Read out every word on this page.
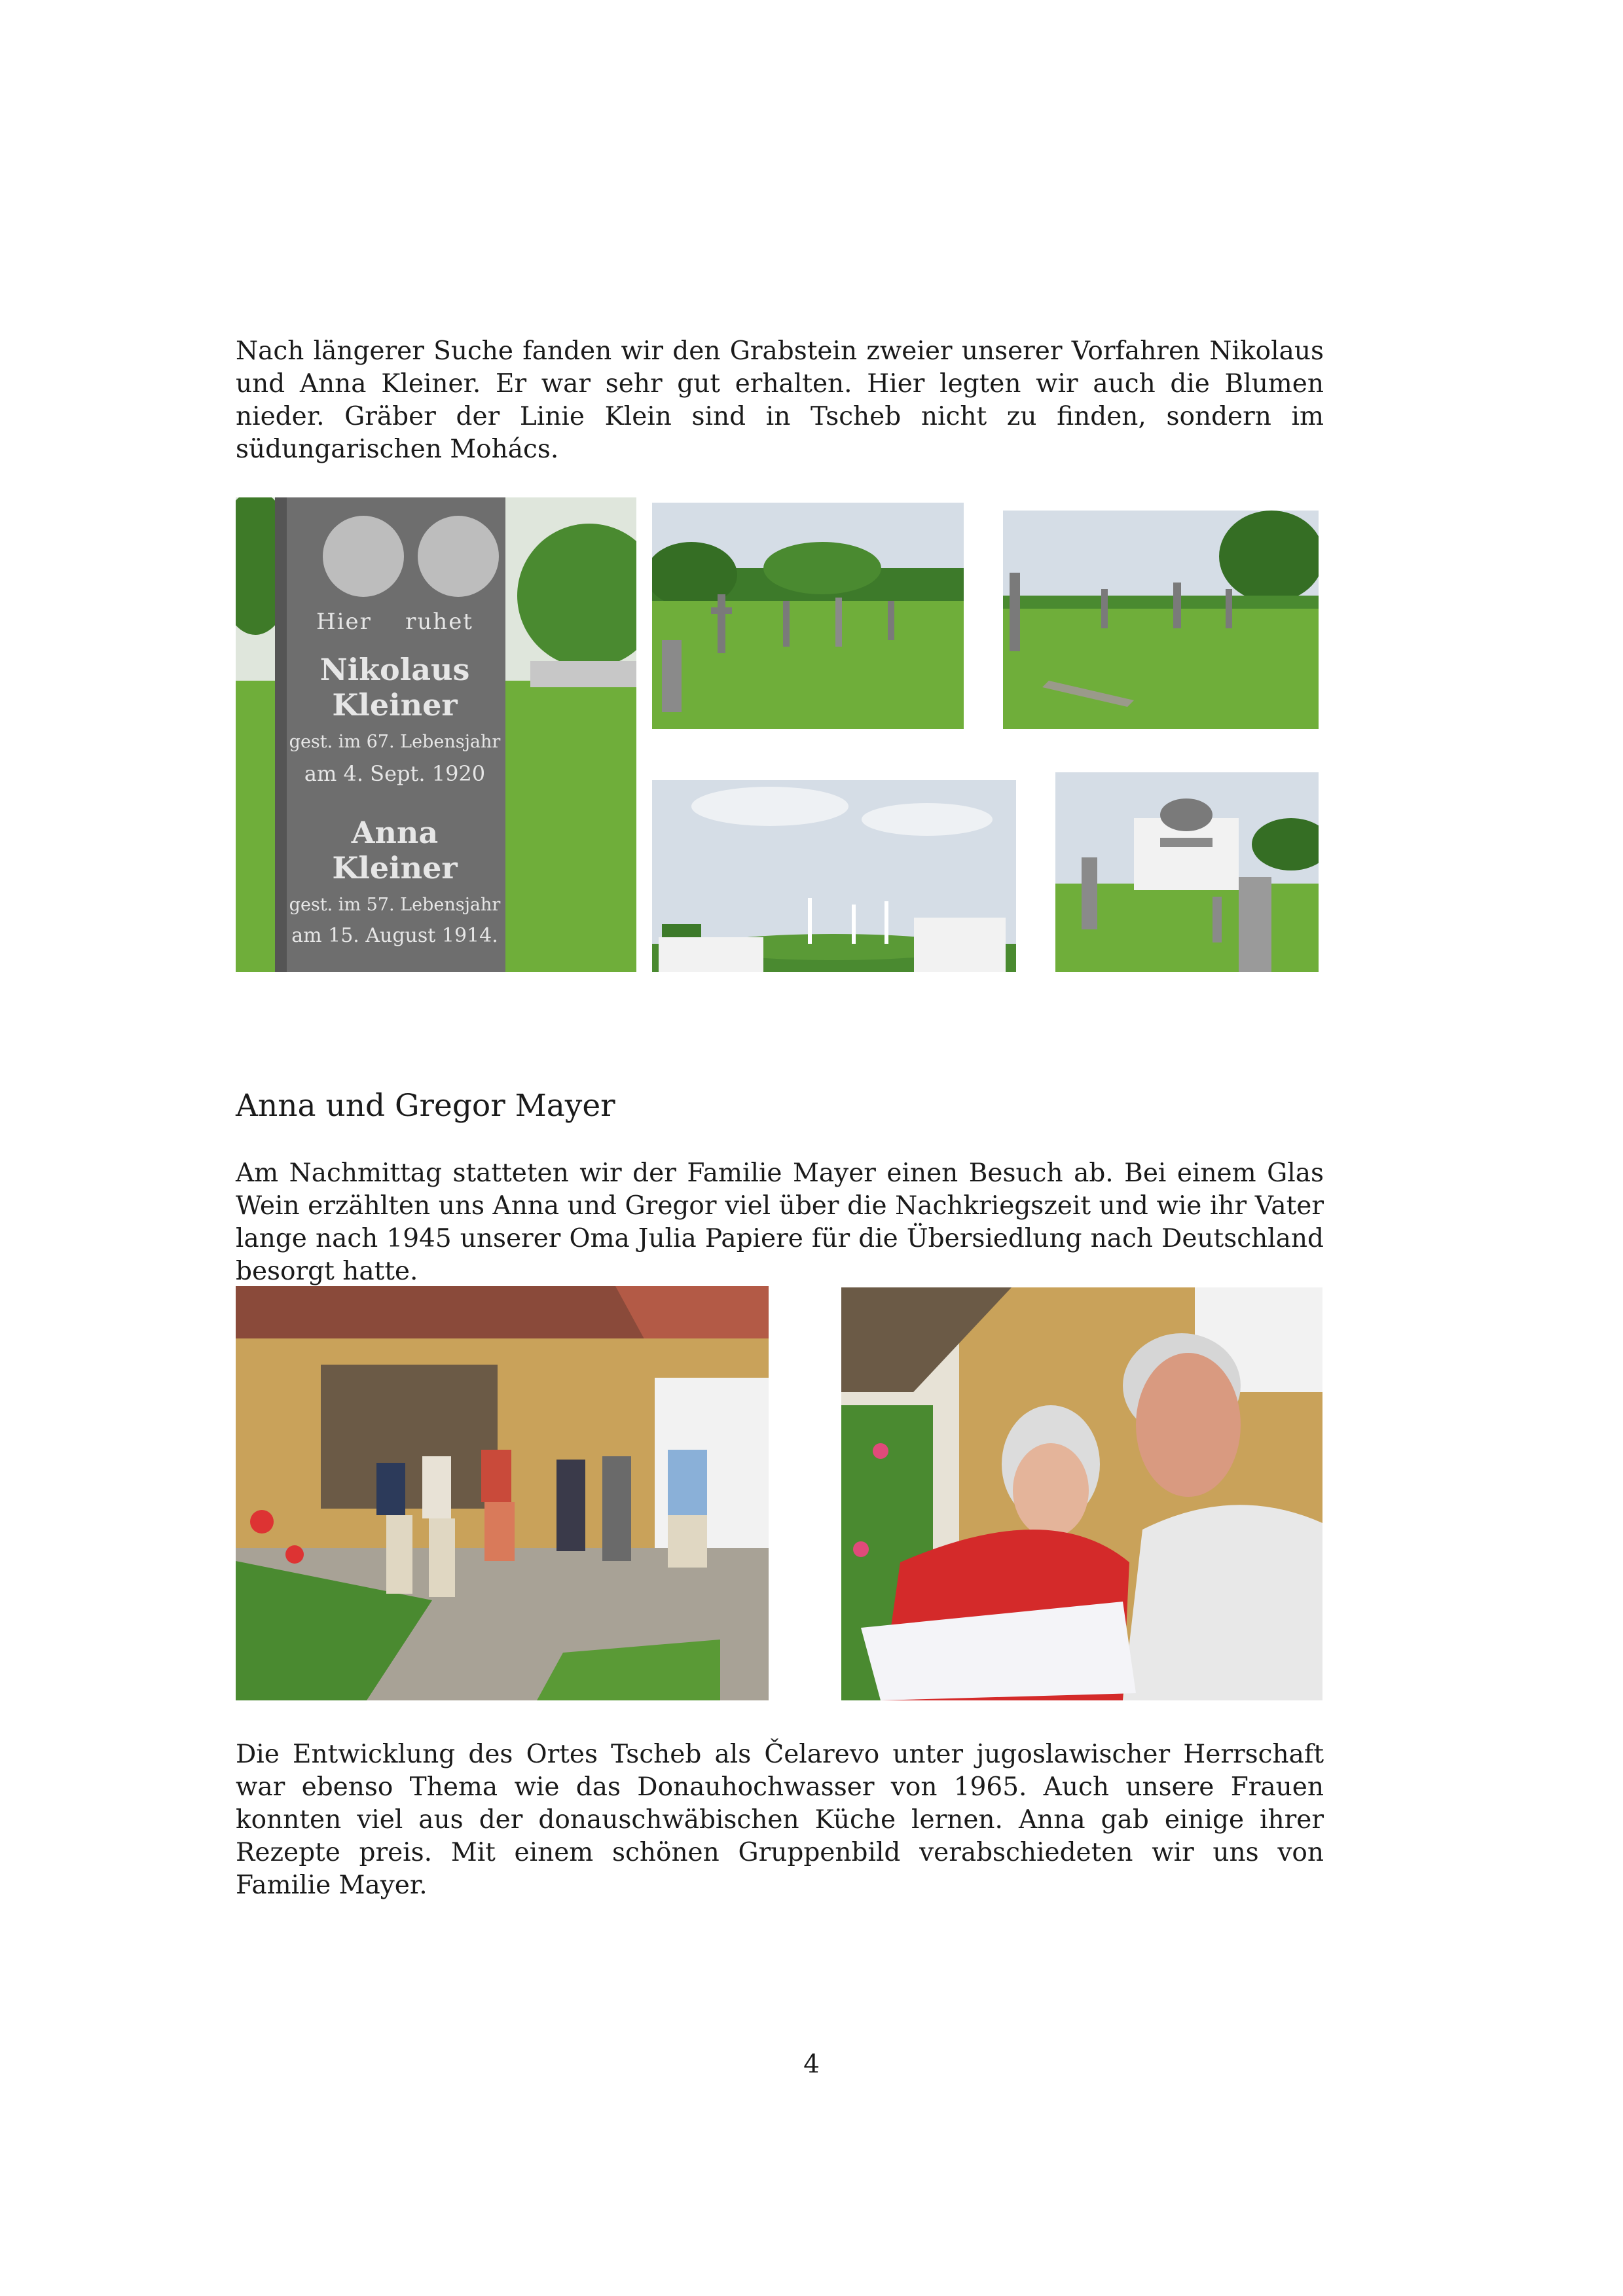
Nach längerer Suche fanden wir den Grabstein zweier unserer Vorfahren Nikolaus und Anna Kleiner. Er war sehr gut erhalten. Hier legten wir auch die Blumen nieder. Gräber der Linie Klein sind in Tscheb nicht zu finden, sondern im südungarischen Mohács.

Hier ruhet
Nikolaus Kleiner
gest. im 67. Lebensjahr
am 4. Sept. 1920
Anna Kleiner
gest. im 57. Lebensjahr
am 15. August 1914.
Anna und Gregor Mayer

Am Nachmittag statteten wir der Familie Mayer einen Besuch ab. Bei einem Glas Wein erzählten uns Anna und Gregor viel über die Nachkriegszeit und wie ihr Vater lange nach 1945 unserer Oma Julia Papiere für die Übersiedlung nach Deutschland besorgt hatte.

Die Entwicklung des Ortes Tscheb als Čelarevo unter jugoslawischer Herrschaft war ebenso Thema wie das Donauhochwasser von 1965. Auch unsere Frauen konnten viel aus der donauschwäbischen Küche lernen. Anna gab einige ihrer Rezepte preis. Mit einem schönen Gruppenbild verabschiedeten wir uns von Familie Mayer.

4
